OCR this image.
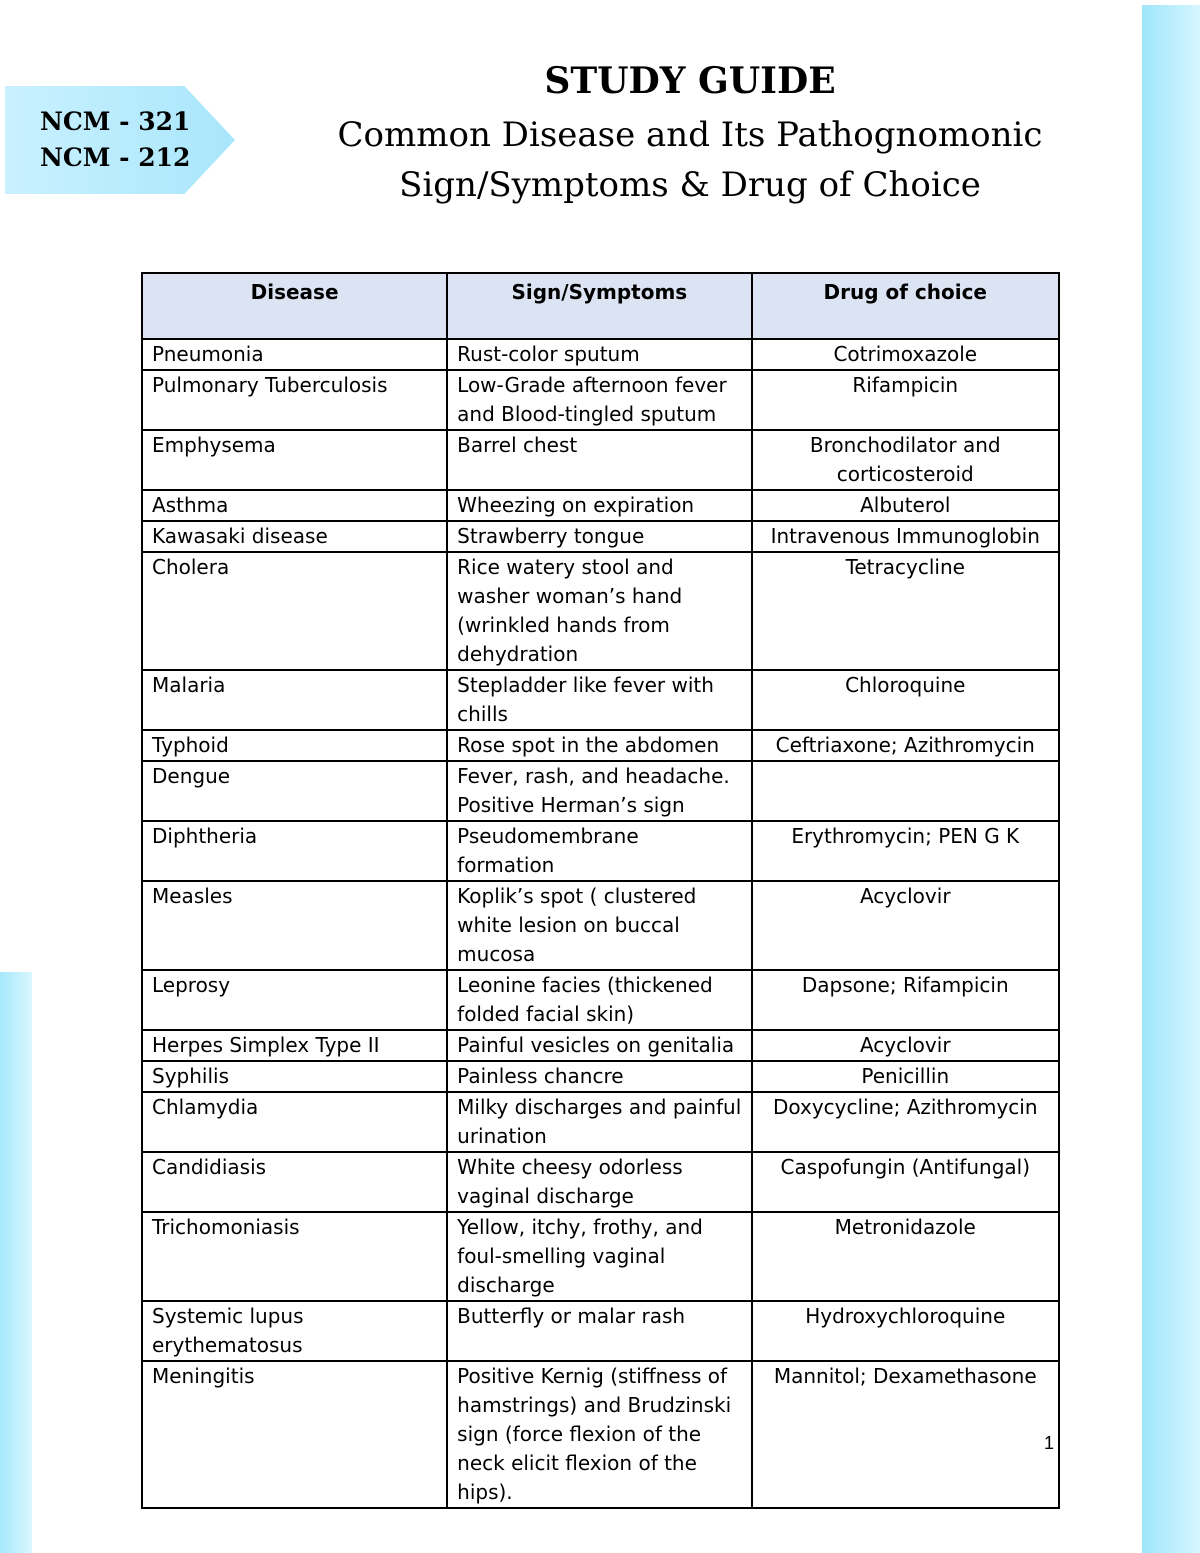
NCM - 321
NCM - 212
STUDY GUIDE
Common Disease and Its Pathognomonic
Sign/Symptoms & Drug of Choice
Disease	Sign/Symptoms	Drug of choice
Pneumonia	Rust-color sputum	Cotrimoxazole
Pulmonary Tuberculosis	Low-Grade afternoon fever and Blood-tingled sputum	Rifampicin
Emphysema	Barrel chest	Bronchodilator and corticosteroid
Asthma	Wheezing on expiration	Albuterol
Kawasaki disease	Strawberry tongue	Intravenous Immunoglobin
Cholera	Rice watery stool and washer woman’s hand (wrinkled hands from dehydration	Tetracycline
Malaria	Stepladder like fever with chills	Chloroquine
Typhoid	Rose spot in the abdomen	Ceftriaxone; Azithromycin
Dengue	Fever, rash, and headache. Positive Herman’s sign	
Diphtheria	Pseudomembrane formation	Erythromycin; PEN G K
Measles	Koplik’s spot ( clustered white lesion on buccal mucosa	Acyclovir
Leprosy	Leonine facies (thickened folded facial skin)	Dapsone; Rifampicin
Herpes Simplex Type II	Painful vesicles on genitalia	Acyclovir
Syphilis	Painless chancre	Penicillin
Chlamydia	Milky discharges and painful urination	Doxycycline; Azithromycin
Candidiasis	White cheesy odorless vaginal discharge	Caspofungin (Antifungal)
Trichomoniasis	Yellow, itchy, frothy, and foul-smelling vaginal discharge	Metronidazole
Systemic lupus erythematosus	Butterfly or malar rash	Hydroxychloroquine
Meningitis	Positive Kernig (stiffness of hamstrings) and Brudzinski sign (force flexion of the neck elicit flexion of the hips).	Mannitol; Dexamethasone
1
